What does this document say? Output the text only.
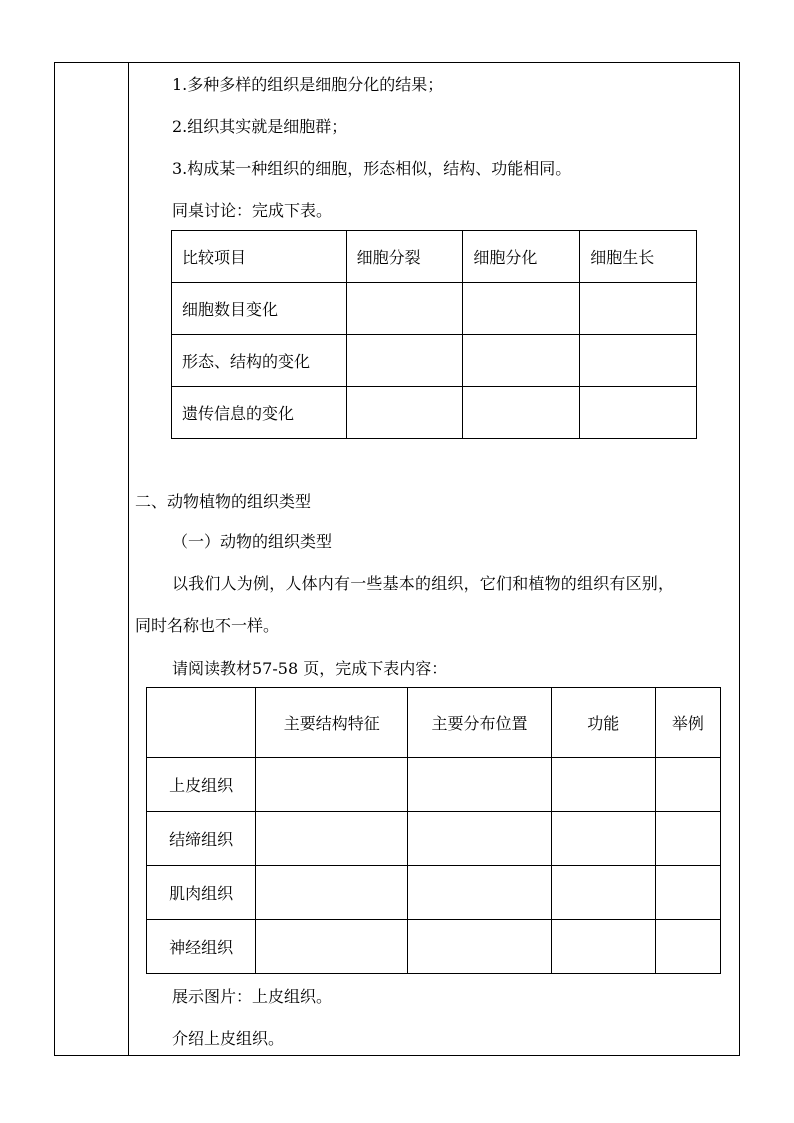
1.多种多样的组织是细胞分化的结果；
2.组织其实就是细胞群；
3.构成某一种组织的细胞，形态相似，结构、功能相同。
同桌讨论：完成下表。
比较项目	细胞分裂	细胞分化	细胞生长
细胞数目变化			
形态、结构的变化			
遗传信息的变化			
二、动物植物的组织类型
（一）动物的组织类型
以我们人为例，人体内有一些基本的组织，它们和植物的组织有区别，
同时名称也不一样。
请阅读教材57-58 页，完成下表内容：
	主要结构特征	主要分布位置	功能	举例
上皮组织				
结缔组织				
肌肉组织				
神经组织				
展示图片：上皮组织。
介绍上皮组织。
